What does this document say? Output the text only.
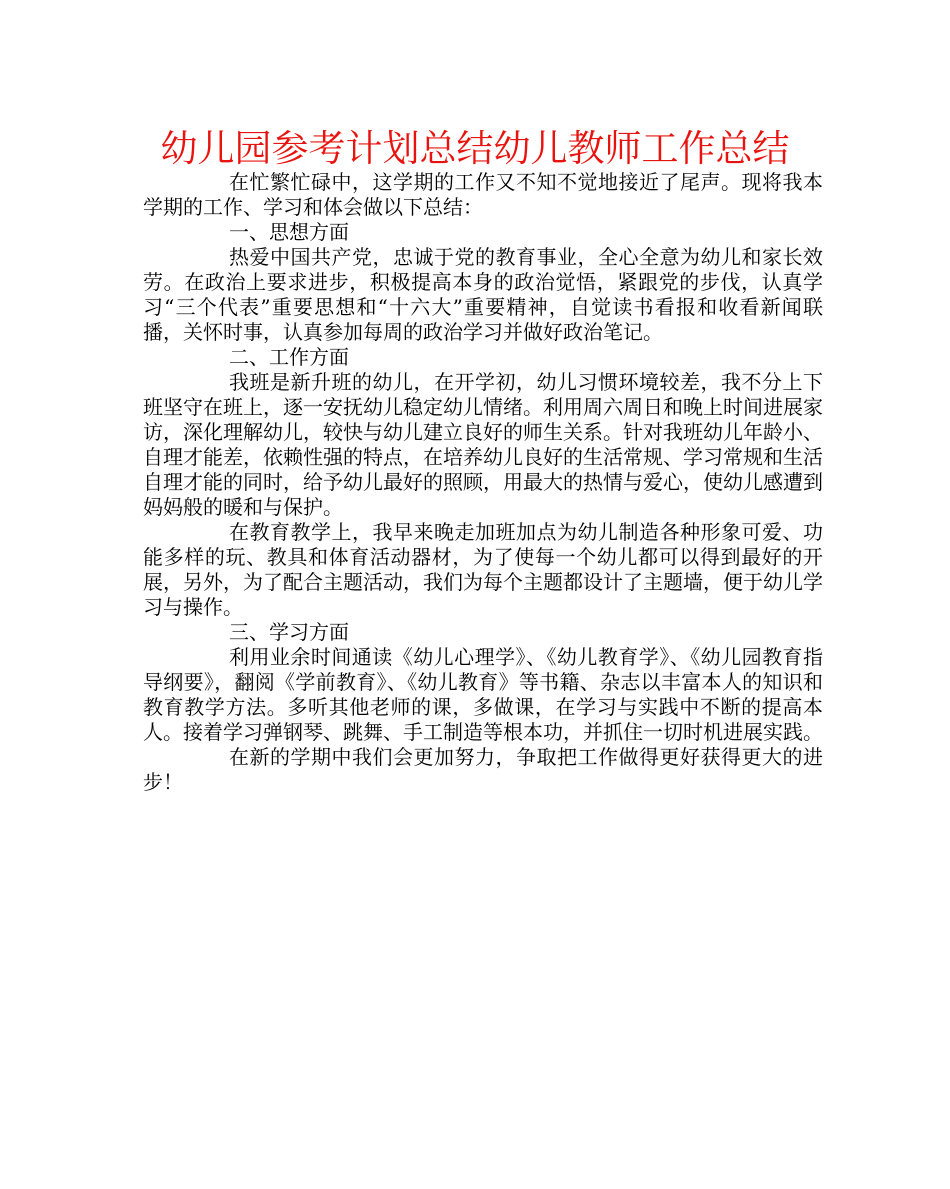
幼儿园参考计划总结幼儿教师工作总结

在忙繁忙碌中，这学期的工作又不知不觉地接近了尾声。现将我本学期的工作、学习和体会做以下总结：

一、思想方面

热爱中国共产党，忠诚于党的教育事业，全心全意为幼儿和家长效劳。在政治上要求进步，积极提高本身的政治觉悟，紧跟党的步伐，认真学习“三个代表”重要思想和“十六大”重要精神，自觉读书看报和收看新闻联播，关怀时事，认真参加每周的政治学习并做好政治笔记。

二、工作方面

我班是新升班的幼儿，在开学初，幼儿习惯环境较差，我不分上下班坚守在班上，逐一安抚幼儿稳定幼儿情绪。利用周六周日和晚上时间进展家访，深化理解幼儿，较快与幼儿建立良好的师生关系。针对我班幼儿年龄小、自理才能差，依赖性强的特点，在培养幼儿良好的生活常规、学习常规和生活自理才能的同时，给予幼儿最好的照顾，用最大的热情与爱心，使幼儿感遭到妈妈般的暖和与保护。

在教育教学上，我早来晚走加班加点为幼儿制造各种形象可爱、功能多样的玩、教具和体育活动器材，为了使每一个幼儿都可以得到最好的开展，另外，为了配合主题活动，我们为每个主题都设计了主题墙，便于幼儿学习与操作。

三、学习方面

利用业余时间通读《幼儿心理学》、《幼儿教育学》、《幼儿园教育指导纲要》，翻阅《学前教育》、《幼儿教育》等书籍、杂志以丰富本人的知识和教育教学方法。多听其他老师的课，多做课，在学习与实践中不断的提高本人。接着学习弹钢琴、跳舞、手工制造等根本功，并抓住一切时机进展实践。

在新的学期中我们会更加努力，争取把工作做得更好获得更大的进步！
